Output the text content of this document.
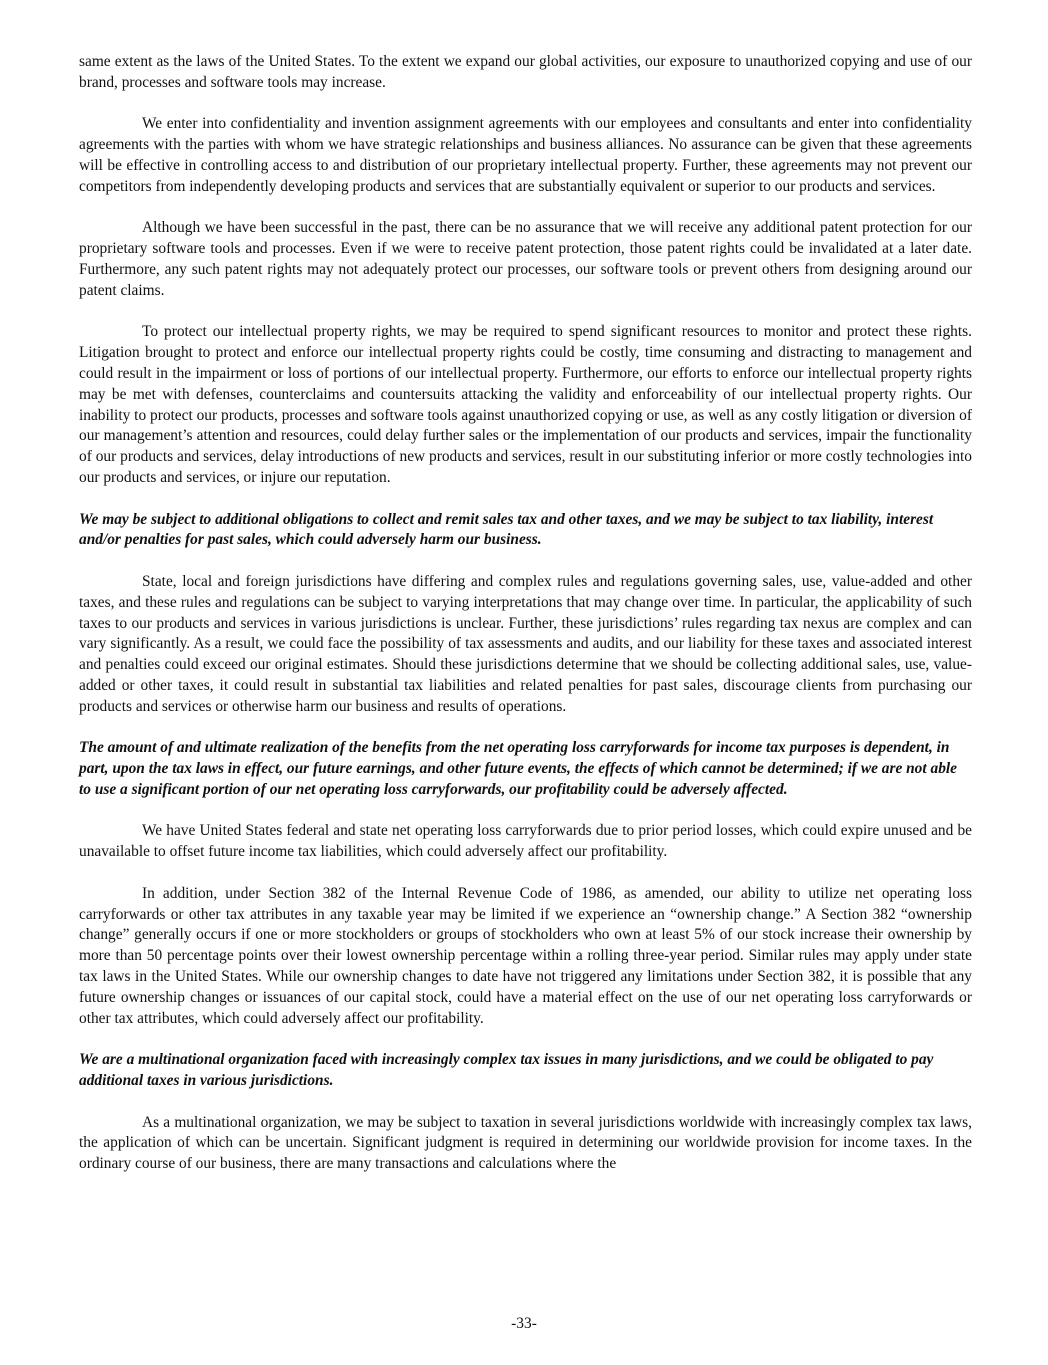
same extent as the laws of the United States. To the extent we expand our global activities, our exposure to unauthorized copying and use of our brand, processes and software tools may increase.

We enter into confidentiality and invention assignment agreements with our employees and consultants and enter into confidentiality agreements with the parties with whom we have strategic relationships and business alliances. No assurance can be given that these agreements will be effective in controlling access to and distribution of our proprietary intellectual property. Further, these agreements may not prevent our competitors from independently developing products and services that are substantially equivalent or superior to our products and services.

Although we have been successful in the past, there can be no assurance that we will receive any additional patent protection for our proprietary software tools and processes. Even if we were to receive patent protection, those patent rights could be invalidated at a later date. Furthermore, any such patent rights may not adequately protect our processes, our software tools or prevent others from designing around our patent claims.

To protect our intellectual property rights, we may be required to spend significant resources to monitor and protect these rights. Litigation brought to protect and enforce our intellectual property rights could be costly, time consuming and distracting to management and could result in the impairment or loss of portions of our intellectual property. Furthermore, our efforts to enforce our intellectual property rights may be met with defenses, counterclaims and countersuits attacking the validity and enforceability of our intellectual property rights. Our inability to protect our products, processes and software tools against unauthorized copying or use, as well as any costly litigation or diversion of our management’s attention and resources, could delay further sales or the implementation of our products and services, impair the functionality of our products and services, delay introductions of new products and services, result in our substituting inferior or more costly technologies into our products and services, or injure our reputation.

We may be subject to additional obligations to collect and remit sales tax and other taxes, and we may be subject to tax liability, interest and/or penalties for past sales, which could adversely harm our business.

State, local and foreign jurisdictions have differing and complex rules and regulations governing sales, use, value-added and other taxes, and these rules and regulations can be subject to varying interpretations that may change over time. In particular, the applicability of such taxes to our products and services in various jurisdictions is unclear. Further, these jurisdictions’ rules regarding tax nexus are complex and can vary significantly. As a result, we could face the possibility of tax assessments and audits, and our liability for these taxes and associated interest and penalties could exceed our original estimates. Should these jurisdictions determine that we should be collecting additional sales, use, value-added or other taxes, it could result in substantial tax liabilities and related penalties for past sales, discourage clients from purchasing our products and services or otherwise harm our business and results of operations.

The amount of and ultimate realization of the benefits from the net operating loss carryforwards for income tax purposes is dependent, in part, upon the tax laws in effect, our future earnings, and other future events, the effects of which cannot be determined; if we are not able to use a significant portion of our net operating loss carryforwards, our profitability could be adversely affected.

We have United States federal and state net operating loss carryforwards due to prior period losses, which could expire unused and be unavailable to offset future income tax liabilities, which could adversely affect our profitability.

In addition, under Section 382 of the Internal Revenue Code of 1986, as amended, our ability to utilize net operating loss carryforwards or other tax attributes in any taxable year may be limited if we experience an “ownership change.” A Section 382 “ownership change” generally occurs if one or more stockholders or groups of stockholders who own at least 5% of our stock increase their ownership by more than 50 percentage points over their lowest ownership percentage within a rolling three-year period. Similar rules may apply under state tax laws in the United States. While our ownership changes to date have not triggered any limitations under Section 382, it is possible that any future ownership changes or issuances of our capital stock, could have a material effect on the use of our net operating loss carryforwards or other tax attributes, which could adversely affect our profitability.

We are a multinational organization faced with increasingly complex tax issues in many jurisdictions, and we could be obligated to pay additional taxes in various jurisdictions.

As a multinational organization, we may be subject to taxation in several jurisdictions worldwide with increasingly complex tax laws, the application of which can be uncertain. Significant judgment is required in determining our worldwide provision for income taxes. In the ordinary course of our business, there are many transactions and calculations where the

-33-
